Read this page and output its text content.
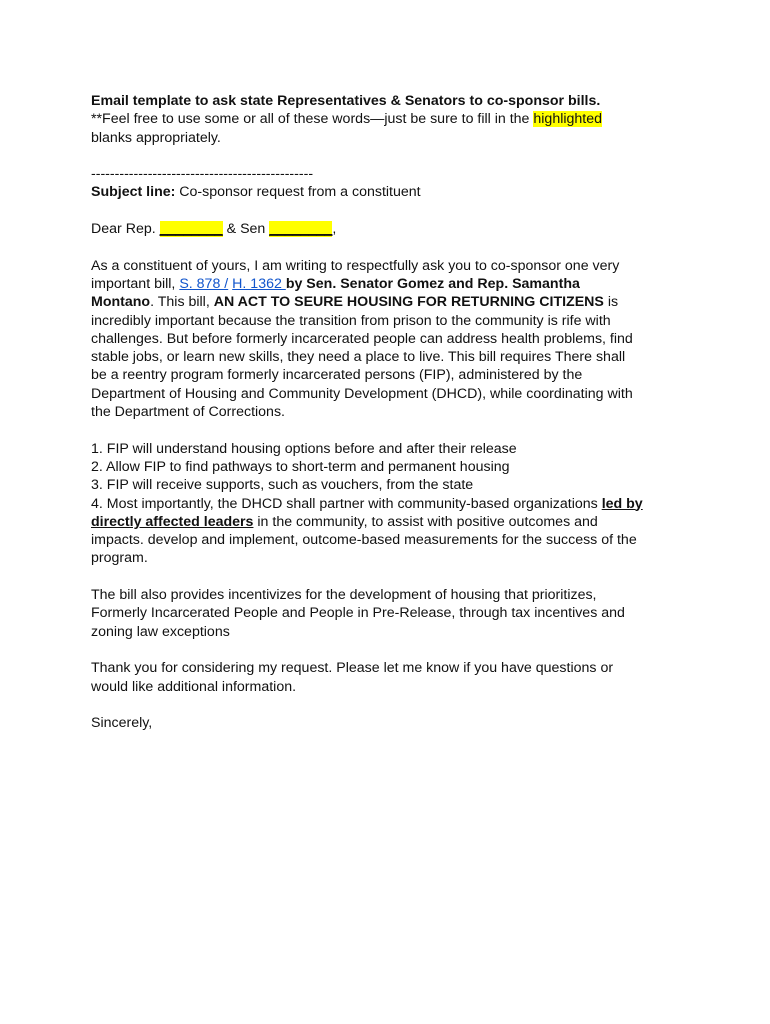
Email template to ask state Representatives & Senators to co-sponsor bills.

**Feel free to use some or all of these words—just be sure to fill in the highlighted

blanks appropriately.

-----------------------------------------------

Subject line: Co-sponsor request from a constituent

Dear Rep. ________ & Sen ________,

As a constituent of yours, I am writing to respectfully ask you to co-sponsor one very

important bill, S. 878 / H. 1362 by Sen. Senator Gomez and Rep. Samantha

Montano. This bill, AN ACT TO SEURE HOUSING FOR RETURNING CITIZENS is

incredibly important because the transition from prison to the community is rife with

challenges. But before formerly incarcerated people can address health problems, find

stable jobs, or learn new skills, they need a place to live. This bill requires There shall

be a reentry program formerly incarcerated persons (FIP), administered by the

Department of Housing and Community Development (DHCD), while coordinating with

the Department of Corrections.

1. FIP will understand housing options before and after their release

2. Allow FIP to find pathways to short-term and permanent housing

3. FIP will receive supports, such as vouchers, from the state

4. Most importantly, the DHCD shall partner with community-based organizations led by

directly affected leaders in the community, to assist with positive outcomes and

impacts. develop and implement, outcome-based measurements for the success of the

program.

The bill also provides incentivizes for the development of housing that prioritizes,

Formerly Incarcerated People and People in Pre-Release, through tax incentives and

zoning law exceptions

Thank you for considering my request. Please let me know if you have questions or

would like additional information.

Sincerely,
